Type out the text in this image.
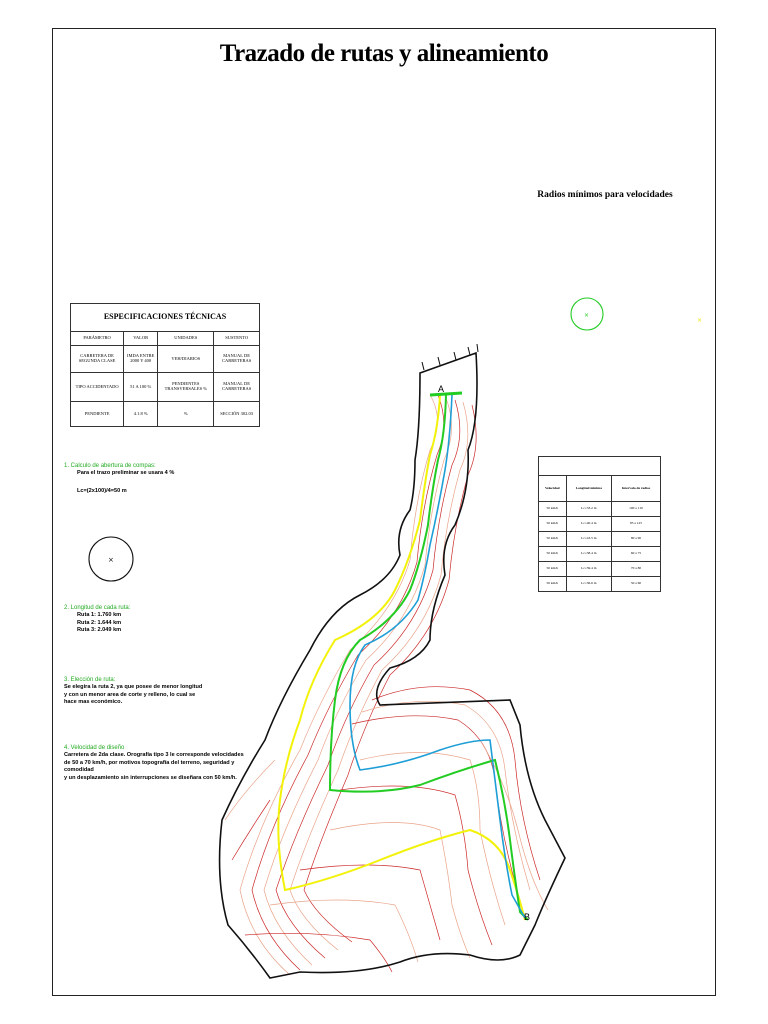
Trazado de rutas y alineamiento
Radios mínimos para velocidades
ESPECIFICACIONES TÉCNICAS			
PARÁMETRO	VALOR	UNIDADES	SUSTENTO
CARRETERA DE SEGUNDA CLASE	IMDA ENTRE 2000 Y 400	VEH/DIARIOS	MANUAL DE CARRETERAS
TIPO ACCIDENTADO	51 A 100 %	PENDIENTES TRANSVERSALES %	MANUAL DE CARRETERAS
PENDIENTE	4.1.8 %	%	SECCIÓN 302.03

Velocidad	Longitud mínima	Intervalo de radios
50 km/h	Lc=33.2 m	100 a 110
50 km/h	Lc=40.4 m	85 a 125
50 km/h	Lc=43.5 m	80 a 90
50 km/h	Lc=38.4 m	60 a 75
50 km/h	Lc=39.4 m	70 a 80
50 km/h	Lc=36.6 m	50 a 60
1. Calculo de abertura de compas:
Para el trazo preliminar se usara 4 %
Lc=(2x100)/4=50 m
2. Longitud de cada ruta:
Ruta 1: 1.760 km
Ruta 2: 1.644 km
Ruta 3: 2.049 km
3. Elección de ruta:
Se elegira la ruta 2, ya que posee de menor longitud
y con un menor area de corte y relleno, lo cual se
hace mas económico.
4. Velocidad de diseño
Carretera de 2da clase. Orografía tipo 3 le corresponde velocidades
de 50 a 70 km/h, por motivos topografía del terreno, seguridad y comodidad
y un desplazamiento sin interrupciones se diseñara con 50 km/h.
×
×
×
A
B
